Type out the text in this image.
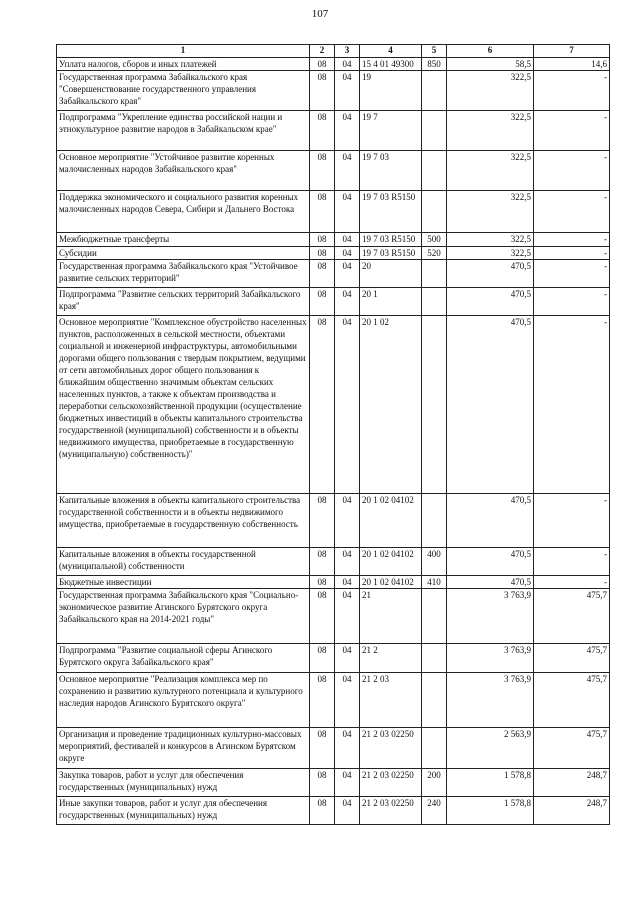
107
1	2	3	4	5	6	7
Уплата налогов, сборов и иных платежей	08	04	15 4 01 49300	850	58,5	14,6
Государственная программа Забайкальского края "Совершенствование государственного управления Забайкальского края"	08	04	19		322,5	-
Подпрограмма "Укрепление единства российской нации и этнокультурное развитие народов в Забайкальском крае"	08	04	19 7		322,5	-
Основное мероприятие "Устойчивое развитие коренных малочисленных народов Забайкальского края"	08	04	19 7 03		322,5	-
Поддержка экономического и социального развития коренных малочисленных народов Севера, Сибири и Дальнего Востока	08	04	19 7 03 R5150		322,5	-
Межбюджетные трансферты	08	04	19 7 03 R5150	500	322,5	-
Субсидии	08	04	19 7 03 R5150	520	322,5	-
Государственная программа Забайкальского края "Устойчивое развитие сельских территорий"	08	04	20		470,5	-
Подпрограмма "Развитие сельских территорий Забайкальского края"	08	04	20 1		470,5	-
Основное мероприятие "Комплексное обустройство населенных пунктов, расположенных в сельской местности, объектами социальной и инженерной инфраструктуры, автомобильными дорогами общего пользования с твердым покрытием, ведущими от сети автомобильных дорог общего пользования к ближайшим общественно значимым объектам сельских населенных пунктов, а также к объектам производства и переработки сельскохозяйственной продукции (осуществление бюджетных инвестиций в объекты капитального строительства государственной (муниципальной) собственности и в объекты недвижимого имущества, приобретаемые в государственную (муниципальную) собственность)"	08	04	20 1 02		470,5	-
Капитальные вложения в объекты капитального строительства государственной собственности и в объекты недвижимого имущества, приобретаемые в государственную собственность	08	04	20 1 02 04102		470,5	-
Капитальные вложения в объекты государственной (муниципальной) собственности	08	04	20 1 02 04102	400	470,5	-
Бюджетные инвестиции	08	04	20 1 02 04102	410	470,5	-
Государственная программа Забайкальского края "Социально-экономическое развитие Агинского Бурятского округа Забайкальского края на 2014-2021 годы"	08	04	21		3 763,9	475,7
Подпрограмма "Развитие социальной сферы Агинского Бурятского округа Забайкальского края"	08	04	21 2		3 763,9	475,7
Основное мероприятие "Реализация комплекса мер по сохранению и развитию культурного потенциала и культурного наследия народов Агинского Бурятского округа"	08	04	21 2 03		3 763,9	475,7
Организация и проведение традиционных культурно-массовых мероприятий, фестивалей и конкурсов в Агинском Бурятском округе	08	04	21 2 03 02250		2 563,9	475,7
Закупка товаров, работ и услуг для обеспечения государственных (муниципальных) нужд	08	04	21 2 03 02250	200	1 578,8	248,7
Иные закупки товаров, работ и услуг для обеспечения государственных (муниципальных) нужд	08	04	21 2 03 02250	240	1 578,8	248,7
